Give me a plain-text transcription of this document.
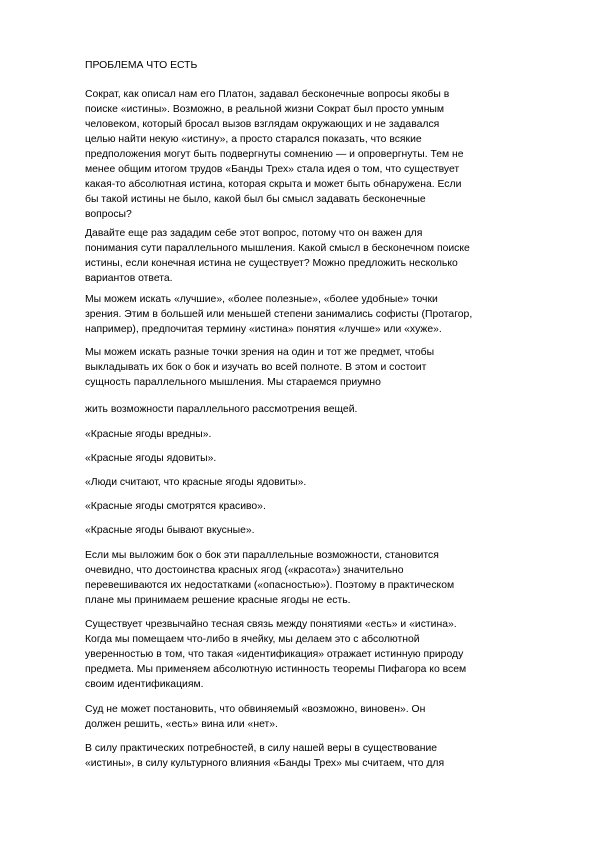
ПРОБЛЕМА ЧТО ЕСТЬ
Сократ, как описал нам его Платон, задавал бесконечные вопросы якобы в
поиске «истины». Возможно, в реальной жизни Сократ был просто умным
человеком, который бросал вызов взглядам окружающих и не задавался
целью найти некую «истину», а просто старался показать, что всякие
предположения могут быть подвергнуты сомнению — и опровергнуты. Тем не
менее общим итогом трудов «Банды Трех» стала идея о том, что существует
какая-то абсолютная истина, которая скрыта и может быть обнаружена. Если
бы такой истины не было, какой был бы смысл задавать бесконечные
вопросы?
Давайте еще раз зададим себе этот вопрос, потому что он важен для
понимания сути параллельного мышления. Какой смысл в бесконечном поиске
истины, если конечная истина не существует? Можно предложить несколько
вариантов ответа.
Мы можем искать «лучшие», «более полезные», «более удобные» точки
зрения. Этим в большей или меньшей степени занимались софисты (Протагор,
например), предпочитая термину «истина» понятия «лучше» или «хуже».
Мы можем искать разные точки зрения на один и тот же предмет, чтобы
выкладывать их бок о бок и изучать во всей полноте. В этом и состоит
сущность параллельного мышления. Мы стараемся приумно
жить возможности параллельного рассмотрения вещей.
«Красные ягоды вредны».
«Красные ягоды ядовиты».
«Люди считают, что красные ягоды ядовиты».
«Красные ягоды смотрятся красиво».
«Красные ягоды бывают вкусные».
Если мы выложим бок о бок эти параллельные возможности, становится
очевидно, что достоинства красных ягод («красота») значительно
перевешиваются их недостатками («опасностью»). Поэтому в практическом
плане мы принимаем решение красные ягоды не есть.
Существует чрезвычайно тесная связь между понятиями «есть» и «истина».
Когда мы помещаем что-либо в ячейку, мы делаем это с абсолютной
уверенностью в том, что такая «идентификация» отражает истинную природу
предмета. Мы применяем абсолютную истинность теоремы Пифагора ко всем
своим идентификациям.
Суд не может постановить, что обвиняемый «возможно, виновен». Он
должен решить, «есть» вина или «нет».
В силу практических потребностей, в силу нашей веры в существование
«истины», в силу культурного влияния «Банды Трех» мы считаем, что для
